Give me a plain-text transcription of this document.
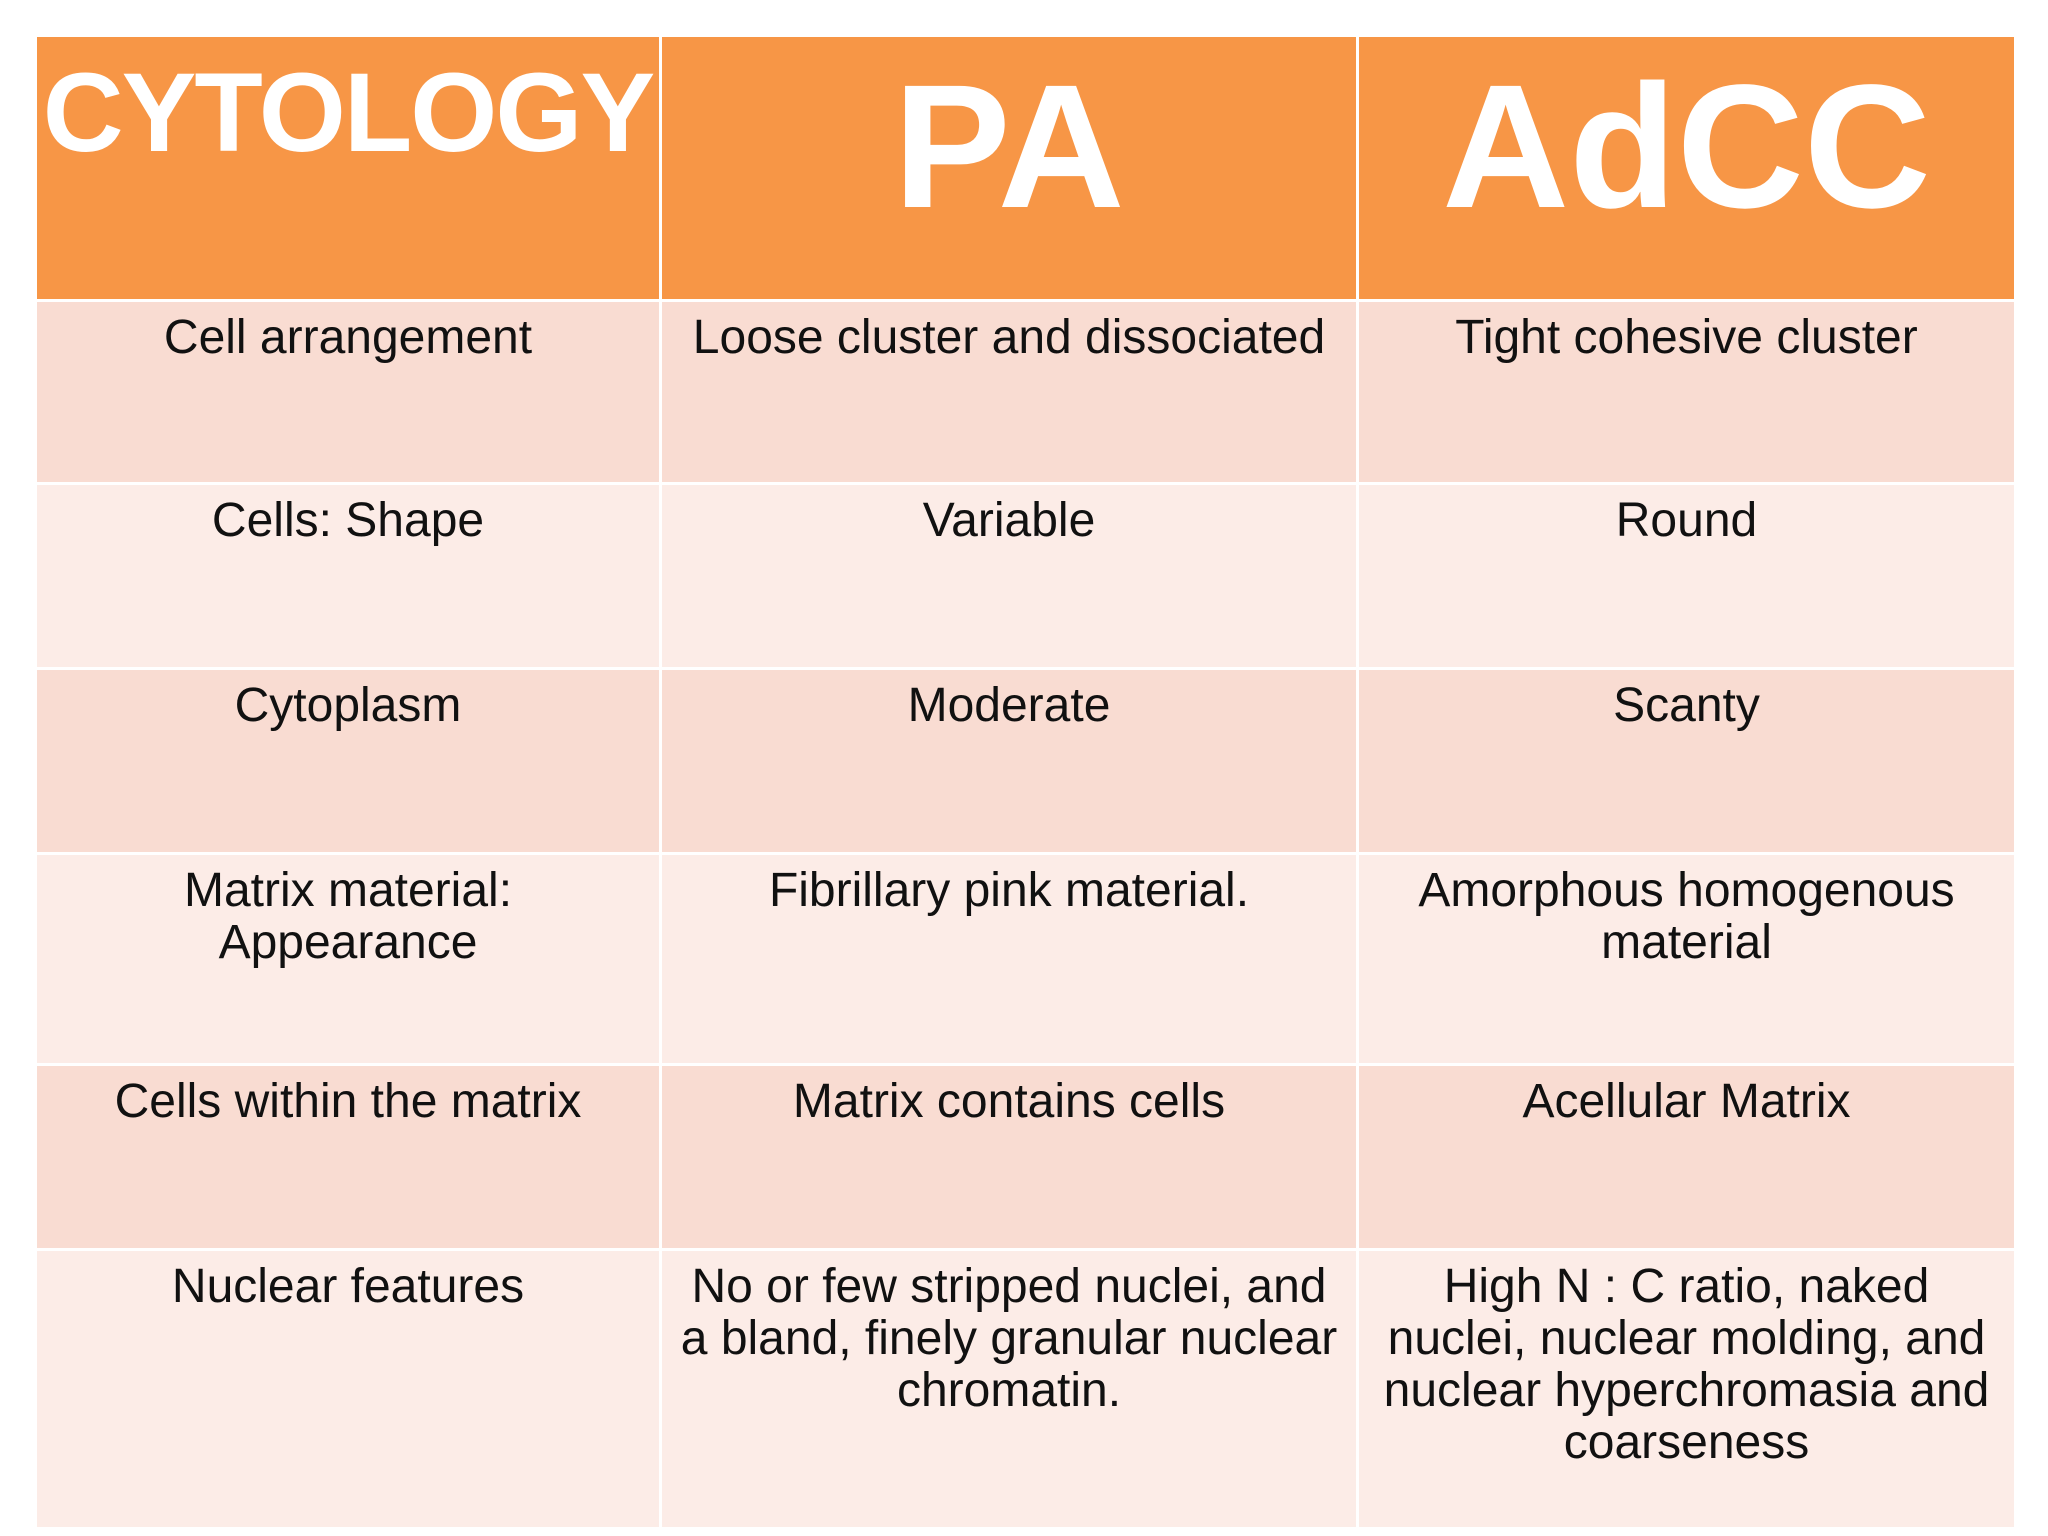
CYTOLOGY	PA	AdCC
Cell arrangement	Loose cluster and dissociated	Tight cohesive cluster
Cells: Shape	Variable	Round
Cytoplasm	Moderate	Scanty
Matrix material: Appearance	Fibrillary pink material.	Amorphous homogenous material
Cells within the matrix	Matrix contains cells	Acellular Matrix
Nuclear features	No or few stripped nuclei, and a bland, finely granular nuclear chromatin.	High N : C ratio, naked nuclei, nuclear molding, and nuclear hyperchromasia and coarseness
